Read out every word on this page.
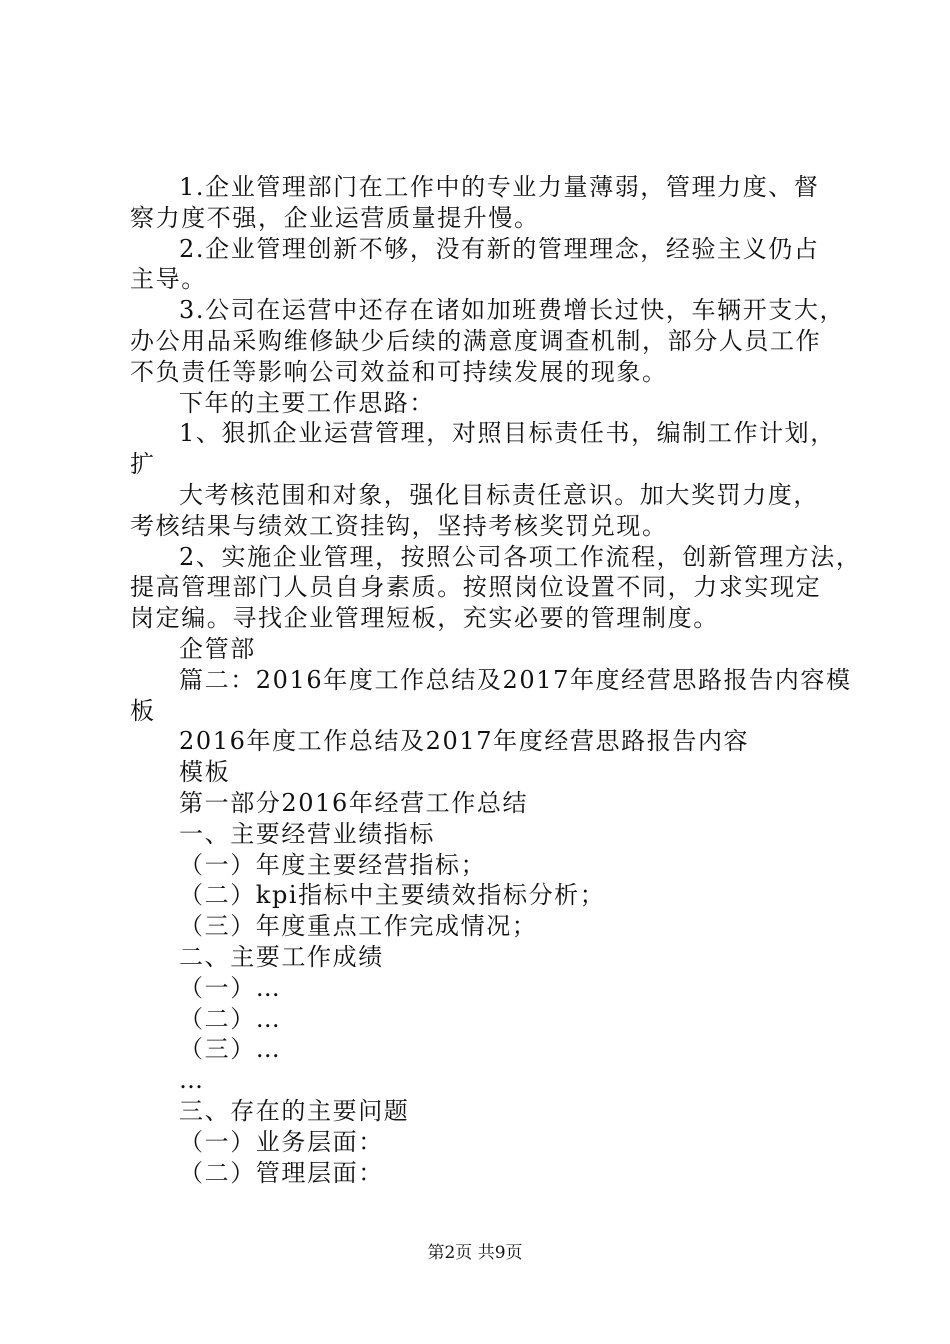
1.企业管理部门在工作中的专业力量薄弱，管理力度、督
察力度不强，企业运营质量提升慢。
2.企业管理创新不够，没有新的管理理念，经验主义仍占
主导。
3.公司在运营中还存在诸如加班费增长过快，车辆开支大，
办公用品采购维修缺少后续的满意度调查机制，部分人员工作
不负责任等影响公司效益和可持续发展的现象。
下年的主要工作思路：
1、狠抓企业运营管理，对照目标责任书，编制工作计划，
扩
大考核范围和对象，强化目标责任意识。加大奖罚力度，
考核结果与绩效工资挂钩，坚持考核奖罚兑现。
2、实施企业管理，按照公司各项工作流程，创新管理方法，
提高管理部门人员自身素质。按照岗位设置不同，力求实现定
岗定编。寻找企业管理短板，充实必要的管理制度。
企管部
篇二：2016年度工作总结及2017年度经营思路报告内容模
板
2016年度工作总结及2017年度经营思路报告内容
模板
第一部分2016年经营工作总结
一、主要经营业绩指标
（一）年度主要经营指标；
（二）kpi指标中主要绩效指标分析；
（三）年度重点工作完成情况；
二、主要工作成绩
（一）…
（二）…
（三）…
…
三、存在的主要问题
（一）业务层面：
（二）管理层面：
第2页 共9页
